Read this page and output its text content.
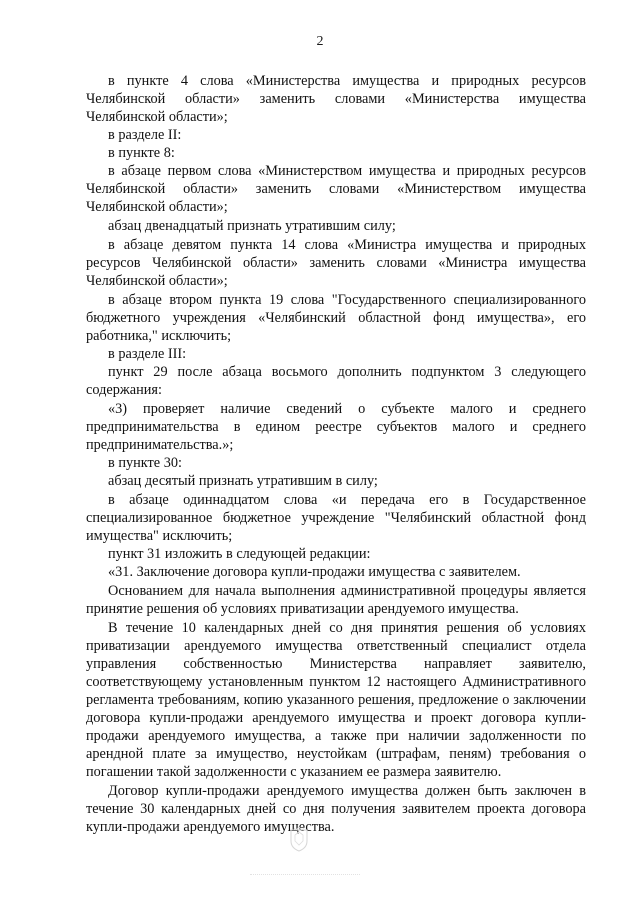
2

в пункте 4 слова «Министерства имущества и природных ресурсов Челябинской области» заменить словами «Министерства имущества Челябинской области»;

в разделе II:

в пункте 8:

в абзаце первом слова «Министерством имущества и природных ресурсов Челябинской области» заменить словами «Министерством имущества Челябинской области»;

абзац двенадцатый признать утратившим силу;

в абзаце девятом пункта 14 слова «Министра имущества и природных ресурсов Челябинской области» заменить словами «Министра имущества Челябинской области»;

в абзаце втором пункта 19 слова "Государственного специализированного бюджетного учреждения «Челябинский областной фонд имущества», его работника," исключить;

в разделе III:

пункт 29 после абзаца восьмого дополнить подпунктом 3 следующего содержания:

«3) проверяет наличие сведений о субъекте малого и среднего предпринимательства в едином реестре субъектов малого и среднего предпринимательства.»;

в пункте 30:

абзац десятый признать утратившим в силу;

в абзаце одиннадцатом слова «и передача его в Государственное специализированное бюджетное учреждение "Челябинский областной фонд имущества" исключить;

пункт 31 изложить в следующей редакции:

«31. Заключение договора купли-продажи имущества с заявителем.

Основанием для начала выполнения административной процедуры является принятие решения об условиях приватизации арендуемого имущества.

В течение 10 календарных дней со дня принятия решения об условиях приватизации арендуемого имущества ответственный специалист отдела управления собственностью Министерства направляет заявителю, соответствующему установленным пунктом 12 настоящего Административного регламента требованиям, копию указанного решения, предложение о заключении договора купли-продажи арендуемого имущества и проект договора купли-продажи арендуемого имущества, а также при наличии задолженности по арендной плате за имущество, неустойкам (штрафам, пеням) требования о погашении такой задолженности с указанием ее размера заявителю.

Договор купли-продажи арендуемого имущества должен быть заключен в течение 30 календарных дней со дня получения заявителем проекта договора купли-продажи арендуемого имущества.
